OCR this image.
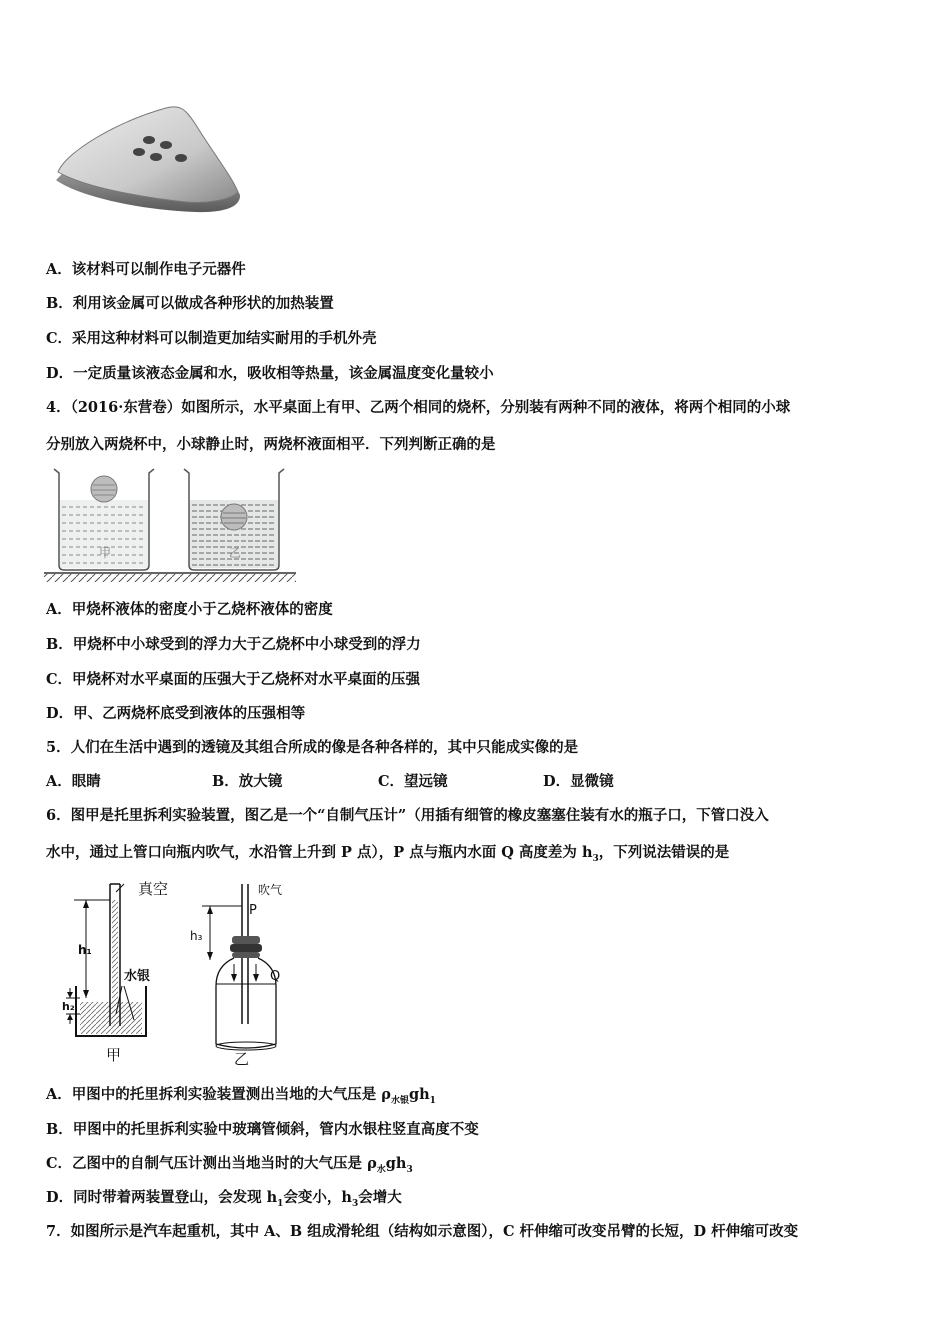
A．该材料可以制作电子元器件
B．利用该金属可以做成各种形状的加热装置
C．采用这种材料可以制造更加结实耐用的手机外壳
D．一定质量该液态金属和水，吸收相等热量，该金属温度变化量较小
4．（2016·东营卷）如图所示，水平桌面上有甲、乙两个相同的烧杯，分别装有两种不同的液体，将两个相同的小球
分别放入两烧杯中，小球静止时，两烧杯液面相平．下列判断正确的是
甲	乙
A．甲烧杯液体的密度小于乙烧杯液体的密度
B．甲烧杯中小球受到的浮力大于乙烧杯中小球受到的浮力
C．甲烧杯对水平桌面的压强大于乙烧杯对水平桌面的压强
D．甲、乙两烧杯底受到液体的压强相等
5．人们在生活中遇到的透镜及其组合所成的像是各种各样的，其中只能成实像的是
A．眼睛	B．放大镜	C．望远镜	D．显微镜
6．图甲是托里拆利实验装置，图乙是一个“自制气压计”（用插有细管的橡皮塞塞住装有水的瓶子口，下管口没入
水中，通过上管口向瓶内吹气，水沿管上升到 P 点），P 点与瓶内水面 Q 高度差为 $h_3$，下列说法错误的是
真空
h₁
h₂
水银
甲
吹气
P
h₃
Q
乙
A．甲图中的托里拆利实验装置测出当地的大气压是 $\rho_{水银}gh_1$
B．甲图中的托里拆利实验中玻璃管倾斜，管内水银柱竖直高度不变
C．乙图中的自制气压计测出当地当时的大气压是 $\rho_水gh_3$
D．同时带着两装置登山，会发现 $h_1$会变小，$h_3$会增大
7．如图所示是汽车起重机，其中 A、B 组成滑轮组（结构如示意图），C 杆伸缩可改变吊臂的长短，D 杆伸缩可改变
